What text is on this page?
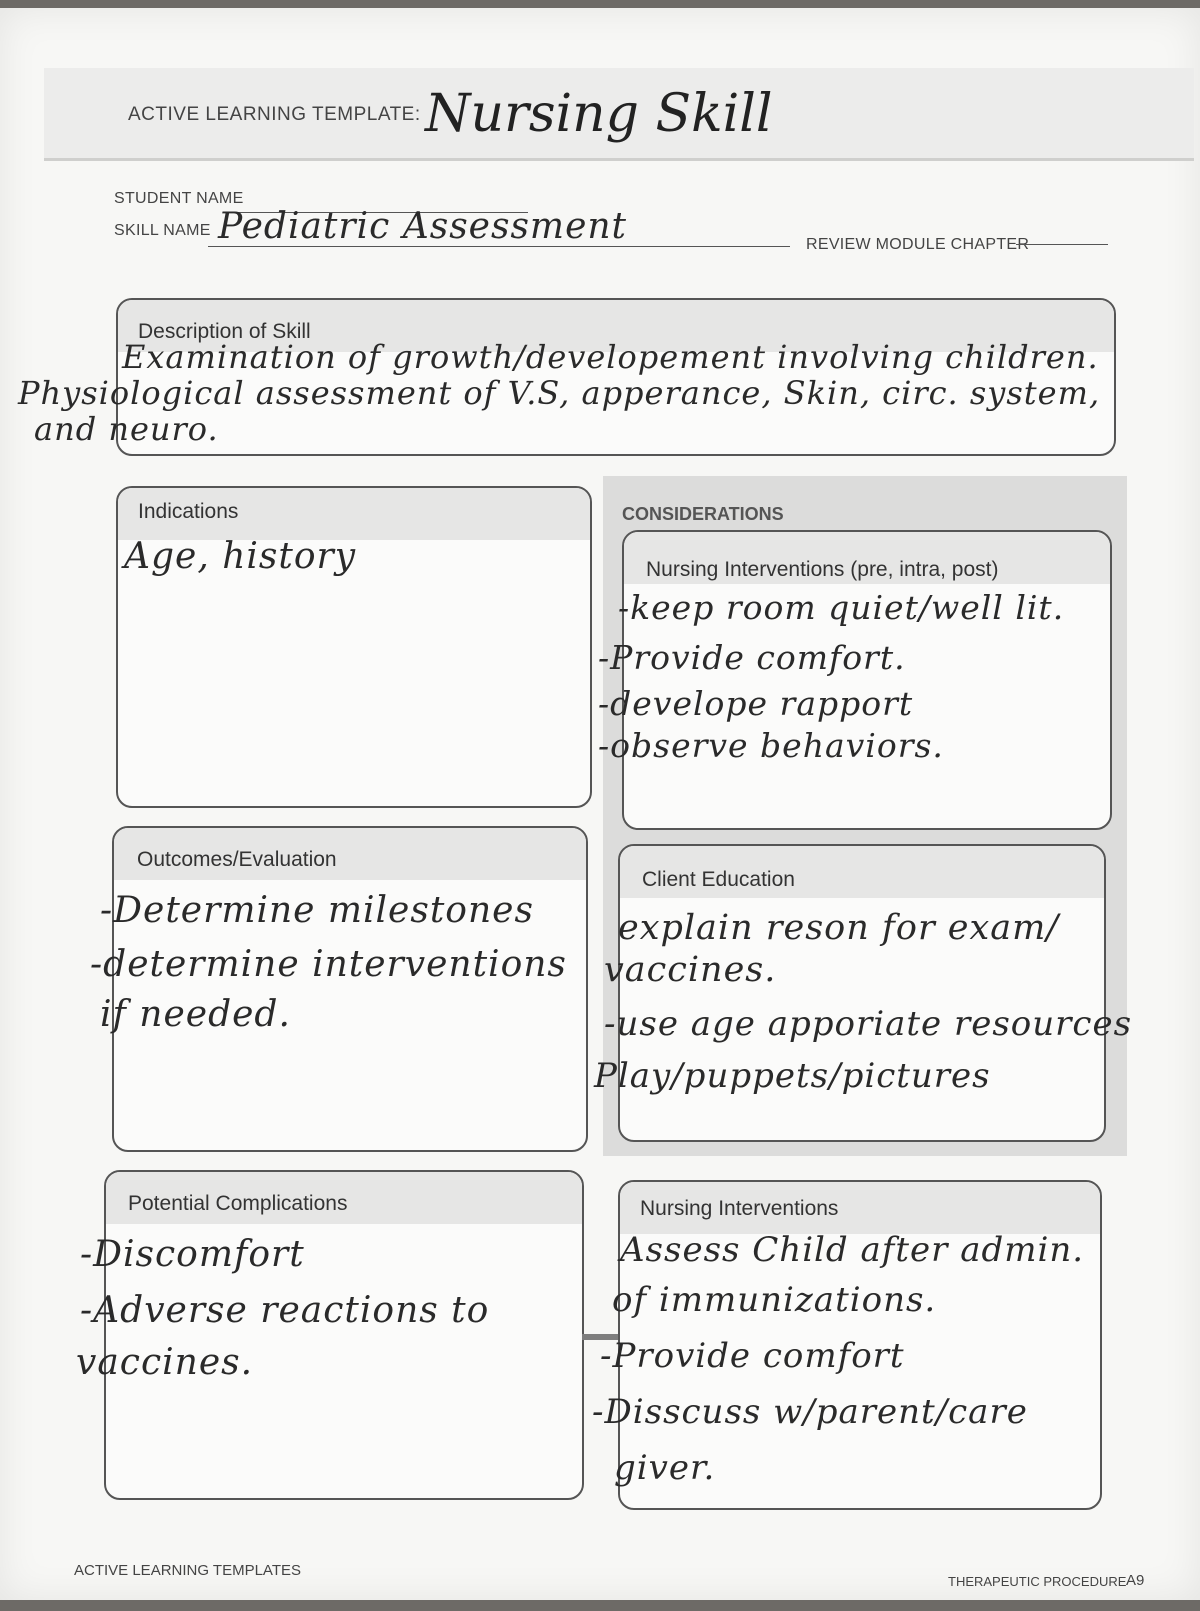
ACTIVE LEARNING TEMPLATE: Nursing Skill
STUDENT NAME
SKILL NAME Pediatric Assessment	REVIEW MODULE CHAPTER
Description of Skill
Examination of growth/developement involving children.
Physiological assessment of V.S, apperance, Skin, circ. system,
and neuro.
Indications
Age, history
CONSIDERATIONS
Nursing Interventions (pre, intra, post)
-keep room quiet/well lit.
-Provide comfort.
-develope rapport
-observe behaviors.
Outcomes/Evaluation
-Determine milestones
-determine interventions
if needed.
Client Education
explain reson for exam/
vaccines.
-use age apporiate resources
Play/puppets/pictures
Potential Complications
-Discomfort
-Adverse reactions to
vaccines.
Nursing Interventions
Assess Child after admin.
of immunizations.
-Provide comfort
-Disscuss w/parent/care
giver.
ACTIVE LEARNING TEMPLATES
THERAPEUTIC PROCEDURE A9
